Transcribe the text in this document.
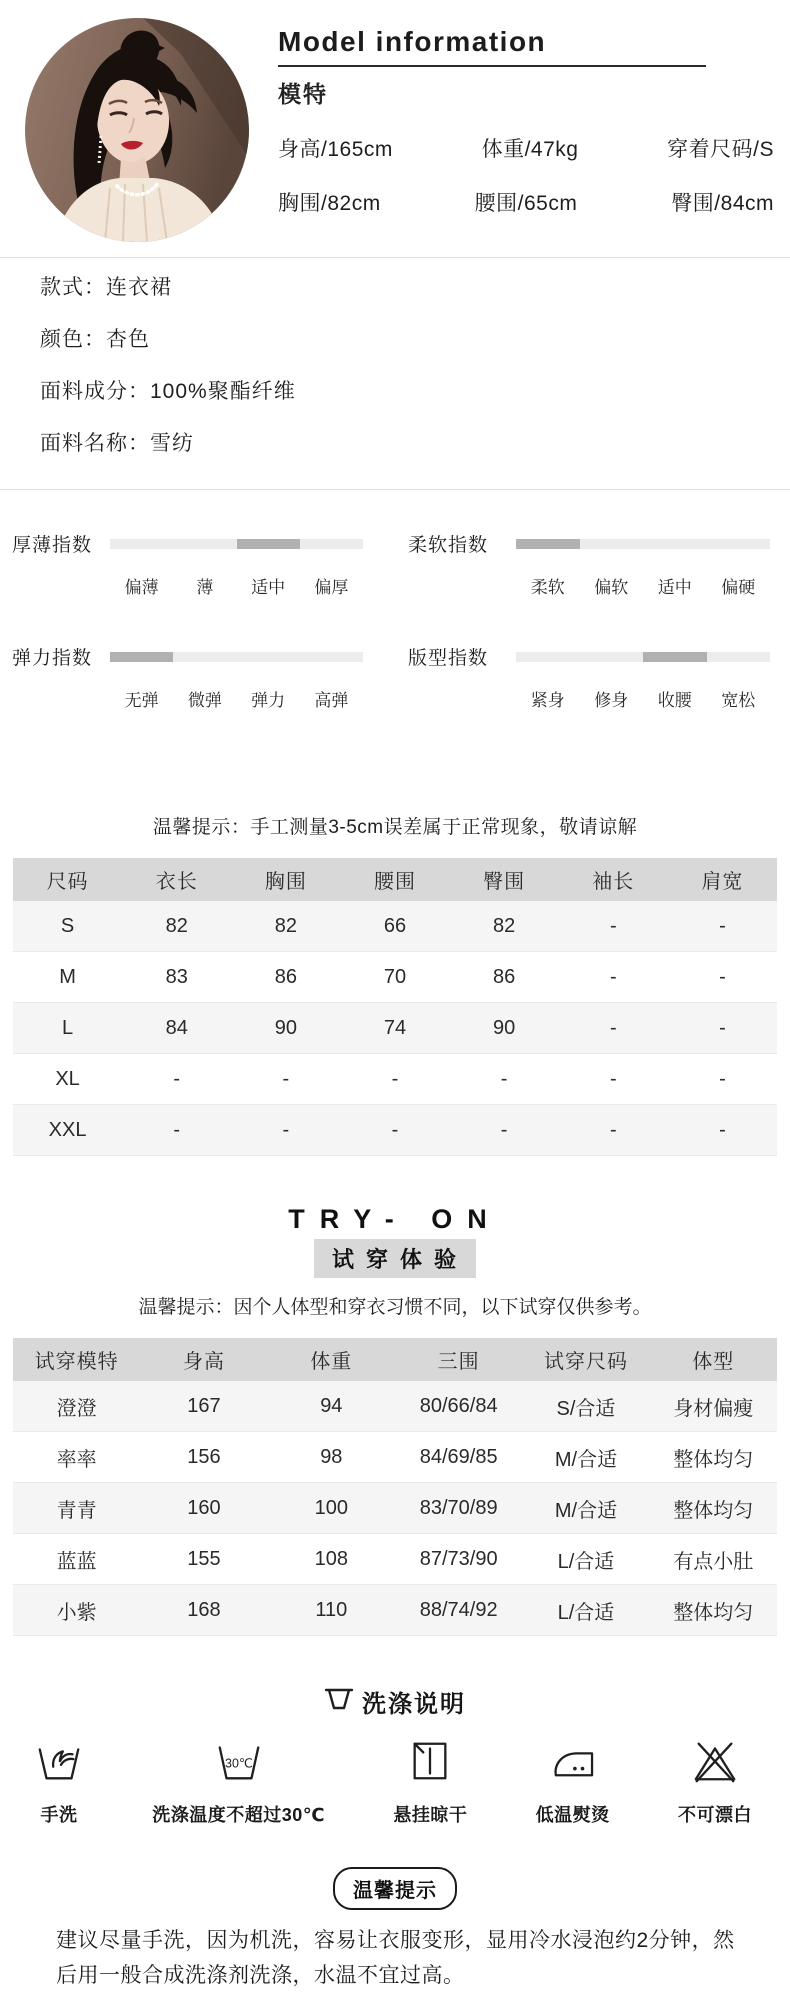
Model information
模特
身高/165cm	体重/47kg	穿着尺码/S
胸围/82cm	腰围/65cm	臀围/84cm
款式：连衣裙
颜色：杏色
面料成分：100%聚酯纤维
面料名称：雪纺
厚薄指数
偏薄	薄	适中	偏厚
柔软指数
柔软	偏软	适中	偏硬
弹力指数
无弹	微弹	弹力	高弹
版型指数
紧身	修身	收腰	宽松

温馨提示：手工测量3-5cm误差属于正常现象，敬请谅解

尺码	衣长	胸围	腰围	臀围	袖长	肩宽
S	82	82	66	82	-	-
M	83	86	70	86	-	-
L	84	90	74	90	-	-
XL	-	-	-	-	-	-
XXL	-	-	-	-	-	-
TRY- ON
试穿体验
温馨提示：因个人体型和穿衣习惯不同，以下试穿仅供参考。
试穿模特	身高	体重	三围	试穿尺码	体型
澄澄	167	94	80/66/84	S/合适	身材偏瘦
率率	156	98	84/69/85	M/合适	整体均匀
青青	160	100	83/70/89	M/合适	整体均匀
蓝蓝	155	108	87/73/90	L/合适	有点小肚
小紫	168	110	88/74/92	L/合适	整体均匀
洗涤说明
手洗
30℃
洗涤温度不超过30℃	悬挂晾干	低温熨烫	不可漂白
温馨提示

建议尽量手洗，因为机洗，容易让衣服变形，显用冷水浸泡约2分钟，然后用一般合成洗涤剂洗涤，水温不宜过高。
